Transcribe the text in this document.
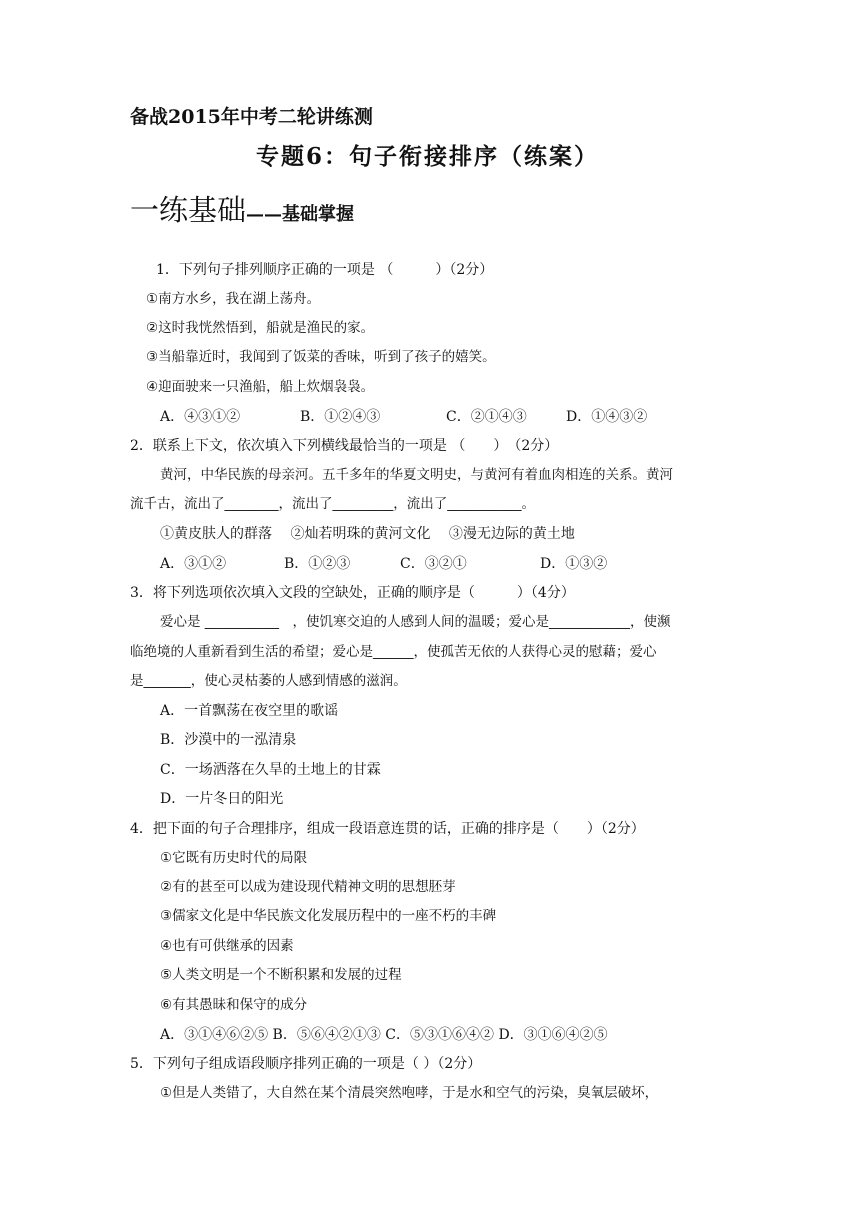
备战2015年中考二轮讲练测
专题6：句子衔接排序（练案）
一练基础——基础掌握
1．下列句子排列顺序正确的一项是 （　　　）（2分）
①南方水乡，我在湖上荡舟。
②这时我恍然悟到，船就是渔民的家。
③当船靠近时，我闻到了饭菜的香味，听到了孩子的嬉笑。
④迎面驶来一只渔船，船上炊烟袅袅。
A．④③①②	B．①②④③	C．②①④③	D．①④③②
2．联系上下文，依次填入下列横线最恰当的一项是 （　　）　（2分）
黄河，中华民族的母亲河。五千多年的华夏文明史，与黄河有着血肉相连的关系。黄河
流千古，流出了________，流出了_________，流出了___________。
①黄皮肤人的群落　 ②灿若明珠的黄河文化　 ③漫无边际的黄土地
A．③①②	B．①②③	C．③②①	D．①③②
3．将下列选项依次填入文段的空缺处，正确的顺序是（　　　）（4分）
爱心是 ___________　，使饥寒交迫的人感到人间的温暖；爱心是____________，使濒
临绝境的人重新看到生活的希望；爱心是______，使孤苦无依的人获得心灵的慰藉；爱心
是_______，使心灵枯萎的人感到情感的滋润。
A．一首飘荡在夜空里的歌谣
B．沙漠中的一泓清泉
C．一场洒落在久旱的土地上的甘霖
D．一片冬日的阳光
4．把下面的句子合理排序，组成一段语意连贯的话，正确的排序是（　　）（2分）
①它既有历史时代的局限
②有的甚至可以成为建设现代精神文明的思想胚芽
③儒家文化是中华民族文化发展历程中的一座不朽的丰碑
④也有可供继承的因素
⑤人类文明是一个不断积累和发展的过程
⑥有其愚昧和保守的成分
A．③①④⑥②⑤ B．⑤⑥④②①③ C．⑤③①⑥④② D．③①⑥④②⑤
5．下列句子组成语段顺序排列正确的一项是（ ）（2分）
①但是人类错了，大自然在某个清晨突然咆哮，于是水和空气的污染，臭氧层破坏，
